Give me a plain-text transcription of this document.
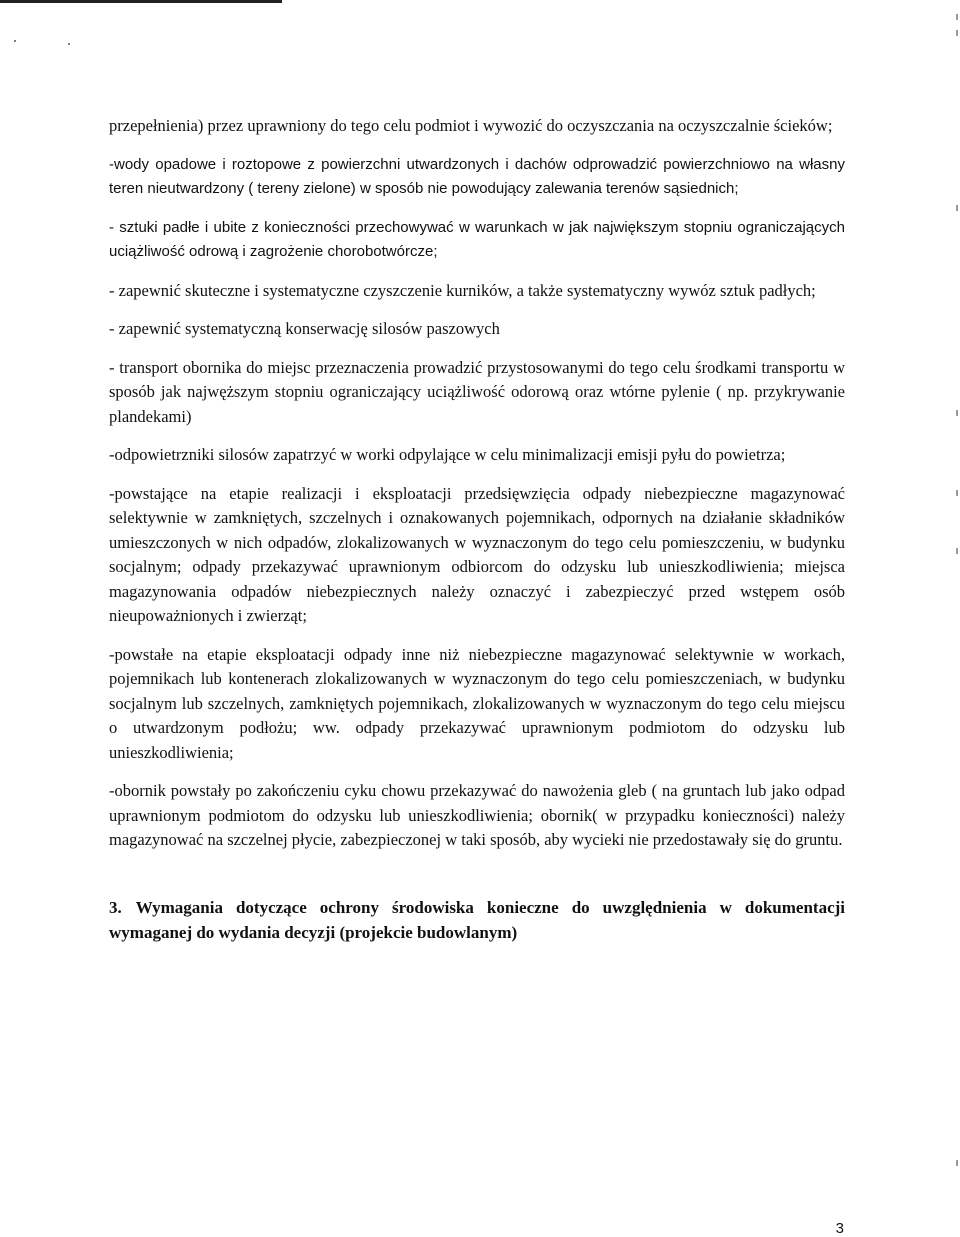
przepełnienia) przez uprawniony do tego celu podmiot i wywozić do oczyszczania na oczyszczalnie ścieków;

-wody opadowe i roztopowe z powierzchni utwardzonych i dachów odprowadzić powierzchniowo na własny teren nieutwardzony ( tereny zielone) w sposób nie powodujący zalewania terenów sąsiednich;

- sztuki padłe i ubite z konieczności przechowywać w warunkach w jak największym stopniu ograniczających uciążliwość odrową i zagrożenie chorobotwórcze;

- zapewnić skuteczne i systematyczne czyszczenie kurników, a także systematyczny wywóz sztuk padłych;

- zapewnić systematyczną konserwację silosów paszowych

- transport obornika do miejsc przeznaczenia prowadzić przystosowanymi do tego celu środkami transportu w sposób jak najwęższym stopniu ograniczający uciążliwość odorową oraz wtórne pylenie ( np. przykrywanie plandekami)

-odpowietrzniki silosów zapatrzyć w worki odpylające w celu minimalizacji emisji pyłu do powietrza;

-powstające na etapie realizacji i eksploatacji przedsięwzięcia odpady niebezpieczne magazynować selektywnie w zamkniętych, szczelnych i oznakowanych pojemnikach, odpornych na działanie składników umieszczonych w nich odpadów, zlokalizowanych w wyznaczonym do tego celu pomieszczeniu, w budynku socjalnym; odpady przekazywać uprawnionym odbiorcom do odzysku lub unieszkodliwienia; miejsca magazynowania odpadów niebezpiecznych należy oznaczyć i zabezpieczyć przed wstępem osób nieupoważnionych i zwierząt;

-powstałe na etapie eksploatacji odpady inne niż niebezpieczne magazynować selektywnie w workach, pojemnikach lub kontenerach zlokalizowanych w wyznaczonym do tego celu pomieszczeniach, w budynku socjalnym lub szczelnych, zamkniętych pojemnikach, zlokalizowanych w wyznaczonym do tego celu miejscu o utwardzonym podłożu; ww. odpady przekazywać uprawnionym podmiotom do odzysku lub unieszkodliwienia;

-obornik powstały po zakończeniu cyku chowu przekazywać do nawożenia gleb ( na gruntach lub jako odpad uprawnionym podmiotom do odzysku lub unieszkodliwienia; obornik( w przypadku konieczności) należy magazynować na szczelnej płycie, zabezpieczonej w taki sposób, aby wycieki nie przedostawały się do gruntu.

3. Wymagania dotyczące ochrony środowiska konieczne do uwzględnienia w dokumentacji wymaganej do wydania decyzji (projekcie budowlanym)
3
